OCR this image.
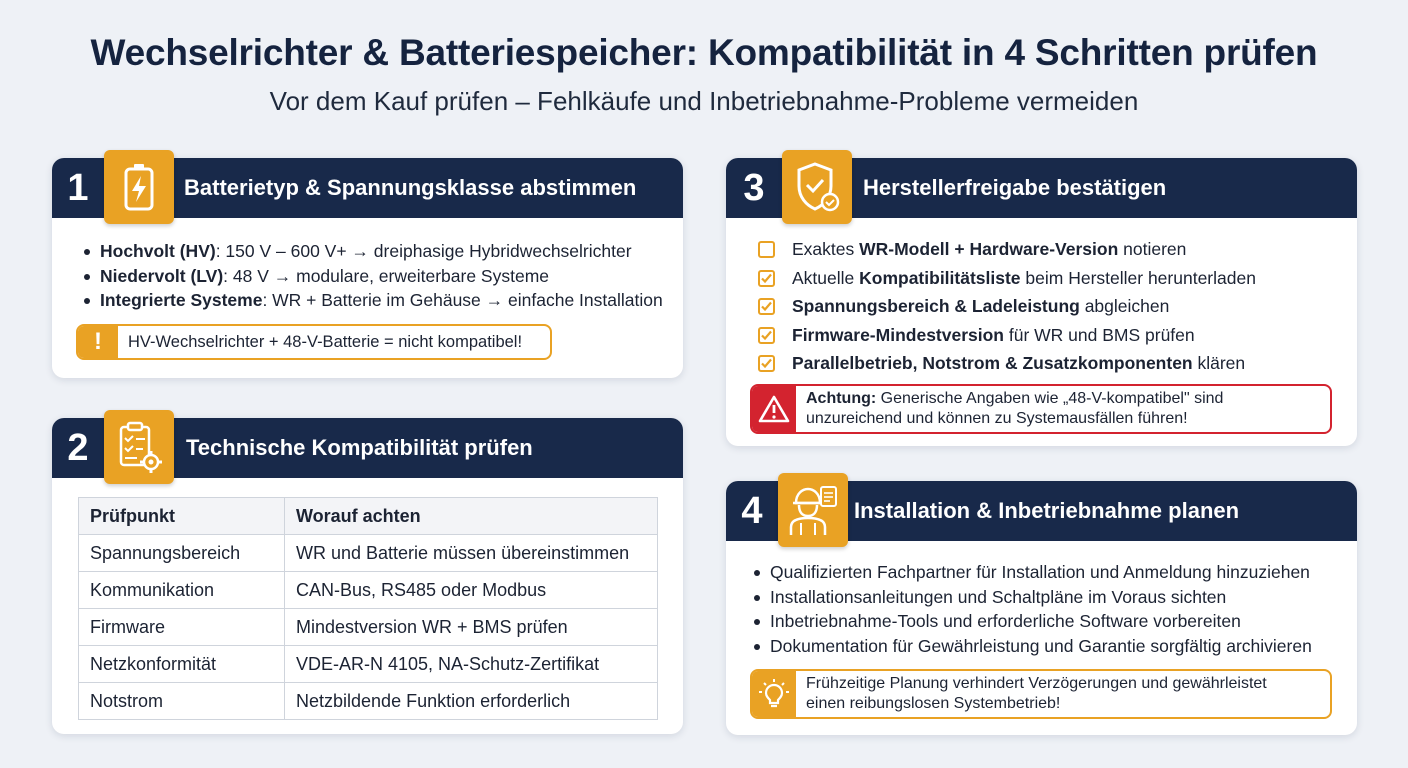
Wechselrichter & Batteriespeicher: Kompatibilität in 4 Schritten prüfen
Vor dem Kauf prüfen – Fehlkäufe und Inbetriebnahme-Probleme vermeiden
1	Batterietyp & Spannungsklasse abstimmen
Hochvolt (HV): 150 V – 600 V+ → dreiphasige Hybridwechselrichter
Niedervolt (LV): 48 V → modulare, erweiterbare Systeme
Integrierte Systeme: WR + Batterie im Gehäuse → einfache Installation
!	HV-Wechselrichter + 48-V-Batterie = nicht kompatibel!
2	Technische Kompatibilität prüfen
Prüfpunkt	Worauf achten
Spannungsbereich	WR und Batterie müssen übereinstimmen
Kommunikation	CAN-Bus, RS485 oder Modbus
Firmware	Mindestversion WR + BMS prüfen
Netzkonformität	VDE-AR-N 4105, NA-Schutz-Zertifikat
Notstrom	Netzbildende Funktion erforderlich
3	Herstellerfreigabe bestätigen
Exaktes WR-Modell + Hardware-Version notieren
Aktuelle Kompatibilitätsliste beim Hersteller herunterladen
Spannungsbereich & Ladeleistung abgleichen
Firmware-Mindestversion für WR und BMS prüfen
Parallelbetrieb, Notstrom & Zusatzkomponenten klären
Achtung: Generische Angaben wie „48-V-kompatibel" sind
unzureichend und können zu Systemausfällen führen!
4	Installation & Inbetriebnahme planen
Qualifizierten Fachpartner für Installation und Anmeldung hinzuziehen
Installationsanleitungen und Schaltpläne im Voraus sichten
Inbetriebnahme-Tools und erforderliche Software vorbereiten
Dokumentation für Gewährleistung und Garantie sorgfältig archivieren
Frühzeitige Planung verhindert Verzögerungen und gewährleistet
einen reibungslosen Systembetrieb!
